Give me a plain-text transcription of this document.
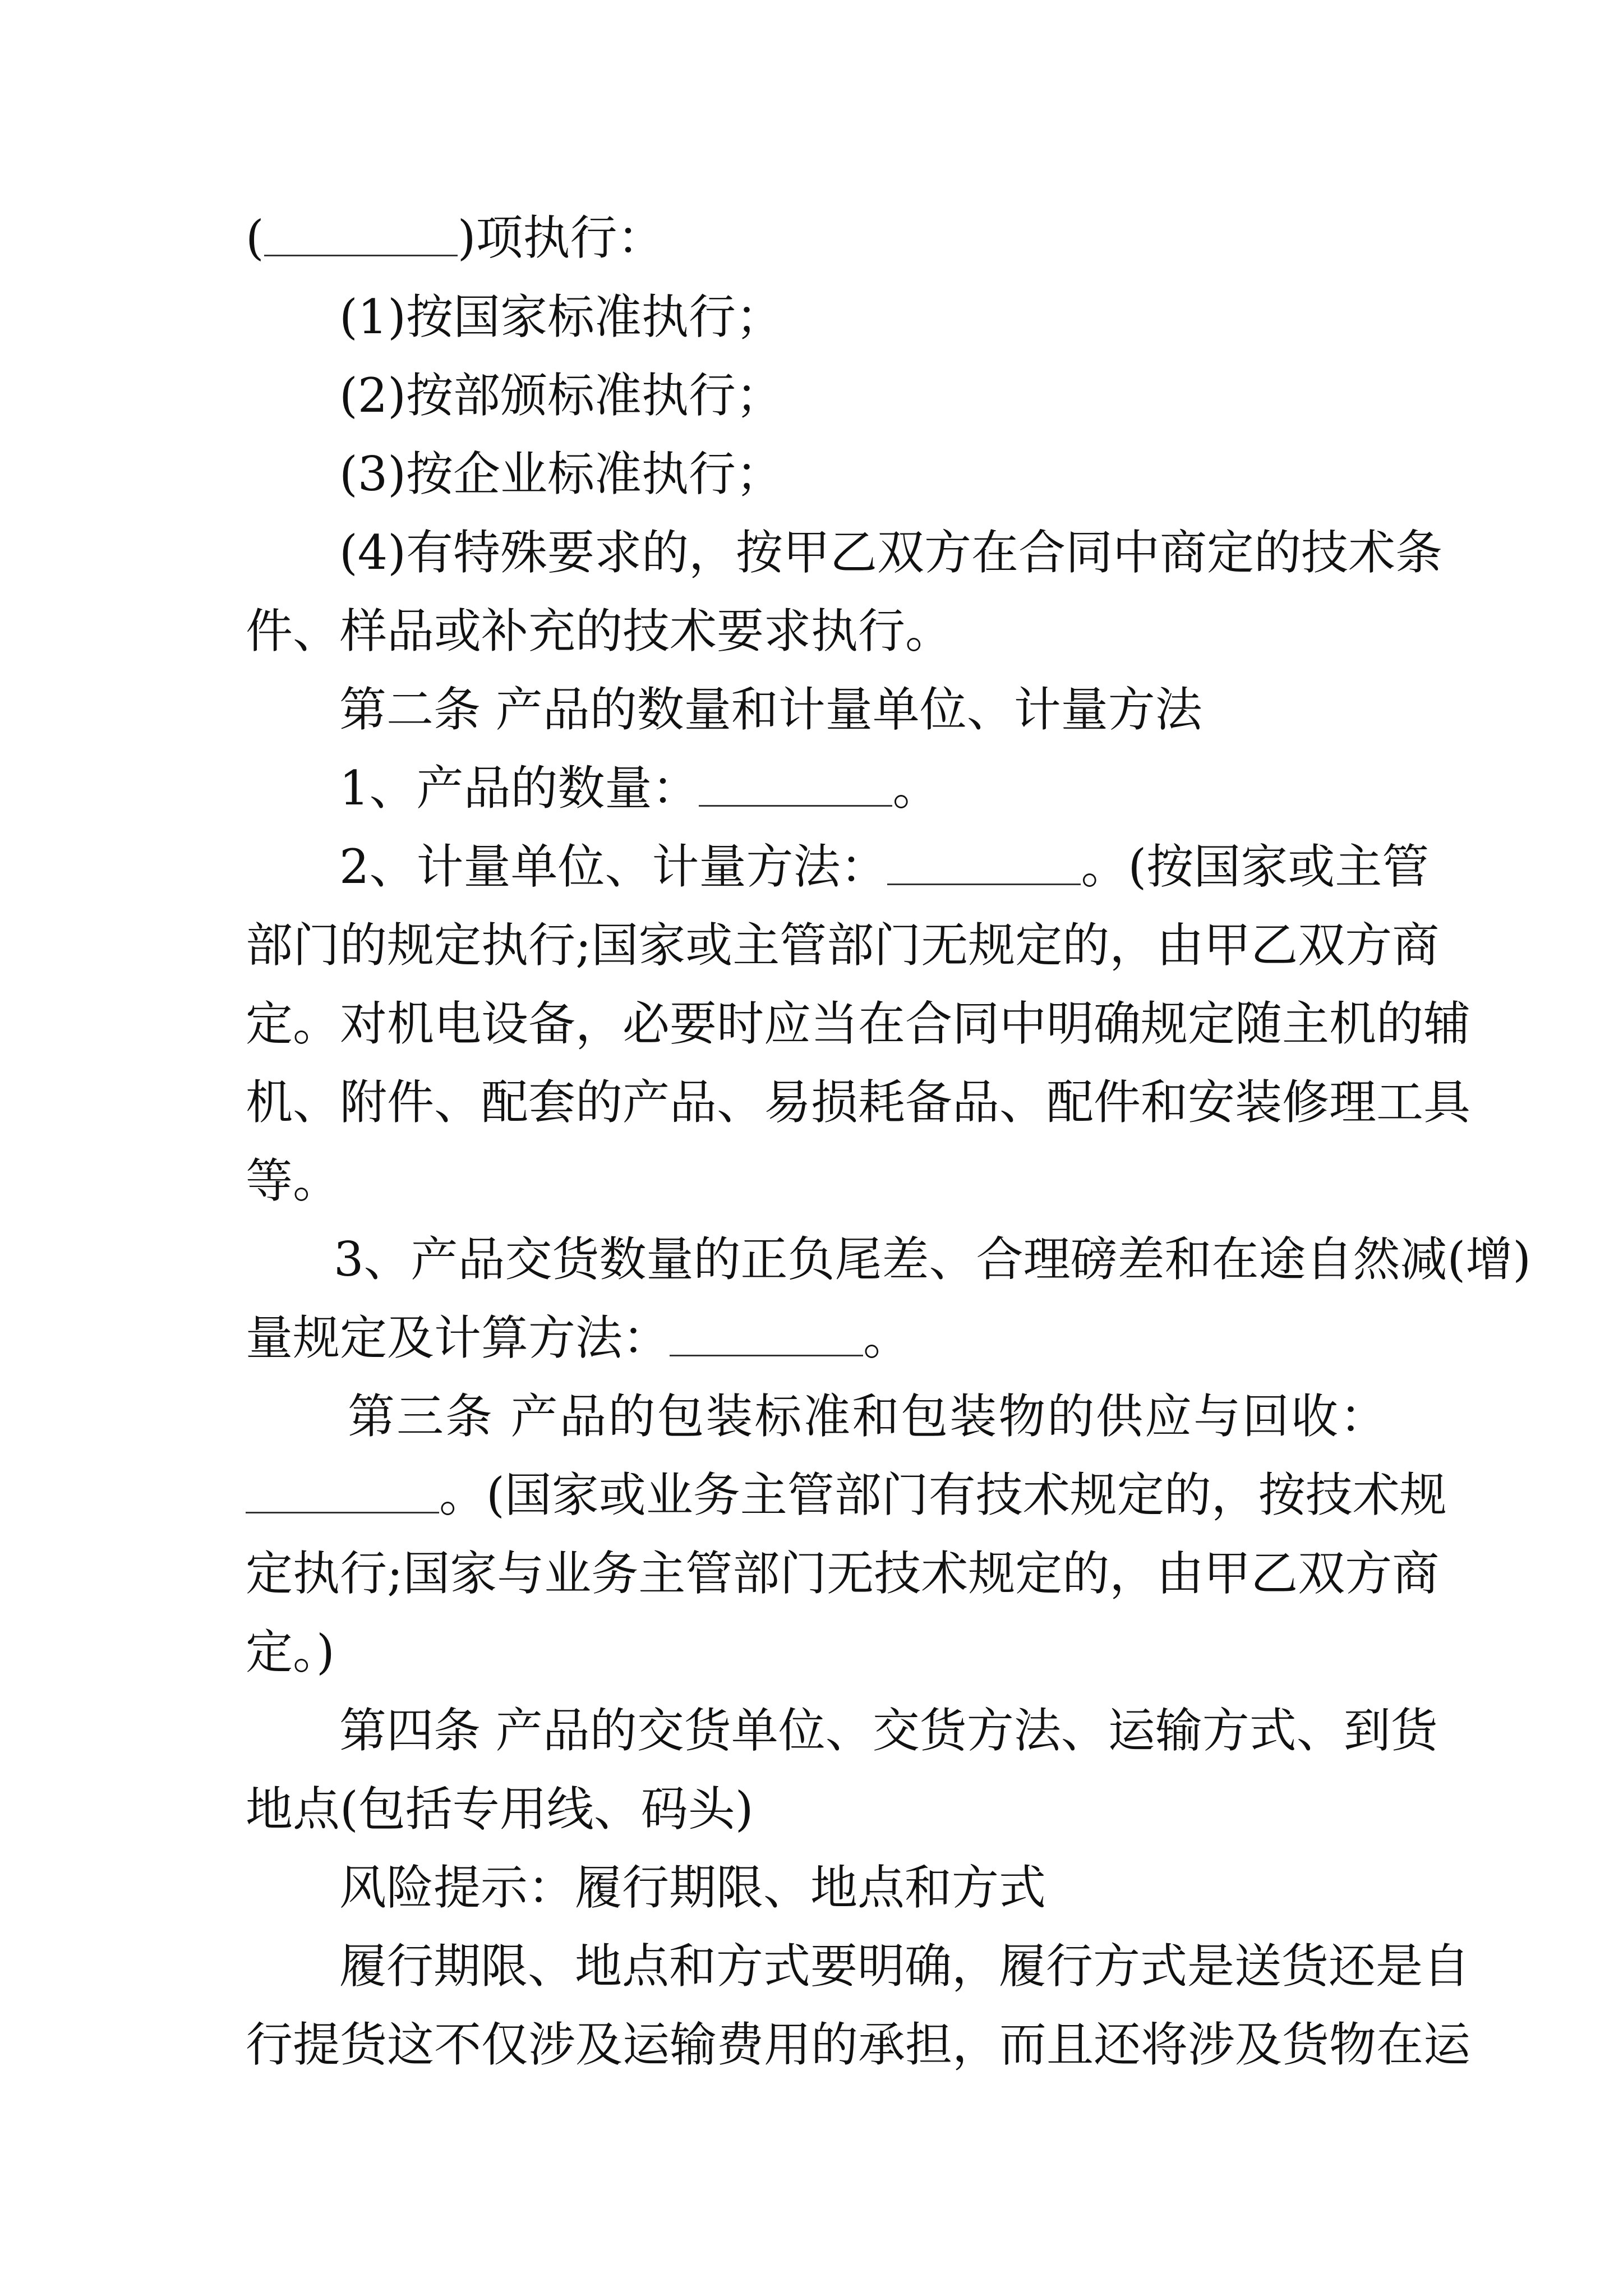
(	)项执行：

(1)按国家标准执行；

(2)按部颁标准执行；

(3)按企业标准执行；

(4)有特殊要求的，按甲乙双方在合同中商定的技术条

件、样品或补充的技术要求执行。

第二条 产品的数量和计量单位、计量方法

1、产品的数量：	。

2、计量单位、计量方法：	。(按国家或主管

部门的规定执行;国家或主管部门无规定的，由甲乙双方商

定。对机电设备，必要时应当在合同中明确规定随主机的辅

机、附件、配套的产品、易损耗备品、配件和安装修理工具

等。

3、产品交货数量的正负尾差、合理磅差和在途自然减(增)

量规定及计算方法：	。

第三条 产品的包装标准和包装物的供应与回收：

。(国家或业务主管部门有技术规定的，按技术规

定执行;国家与业务主管部门无技术规定的，由甲乙双方商

定。)

第四条 产品的交货单位、交货方法、运输方式、到货

地点(包括专用线、码头)

风险提示：履行期限、地点和方式

履行期限、地点和方式要明确，履行方式是送货还是自

行提货这不仅涉及运输费用的承担，而且还将涉及货物在运
